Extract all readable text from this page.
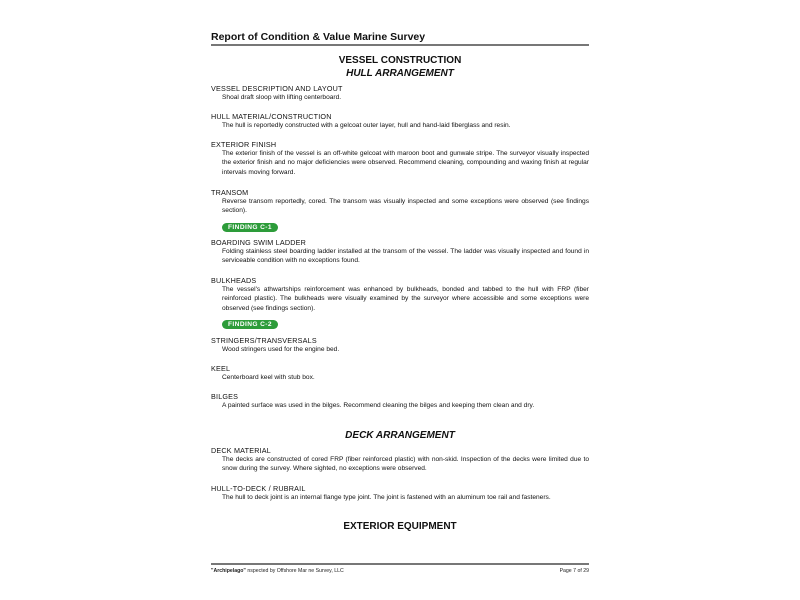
Report of Condition & Value Marine Survey
VESSEL CONSTRUCTION
HULL ARRANGEMENT
VESSEL DESCRIPTION AND LAYOUT
Shoal draft sloop with lifting centerboard.
HULL MATERIAL/CONSTRUCTION
The hull is reportedly constructed with a gelcoat outer layer, hull and hand-laid fiberglass and resin.
EXTERIOR FINISH
The exterior finish of the vessel is an off-white gelcoat with maroon boot and gunwale stripe. The surveyor visually inspected the exterior finish and no major deficiencies were observed. Recommend cleaning, compounding and waxing finish at regular intervals moving forward.
TRANSOM
Reverse transom reportedly, cored. The transom was visually inspected and some exceptions were observed (see findings section).
FINDING C-1
BOARDING SWIM LADDER
Folding stainless steel boarding ladder installed at the transom of the vessel. The ladder was visually inspected and found in serviceable condition with no exceptions found.
BULKHEADS
The vessel's athwartships reinforcement was enhanced by bulkheads, bonded and tabbed to the hull with FRP (fiber reinforced plastic). The bulkheads were visually examined by the surveyor where accessible and some exceptions were observed (see findings section).
FINDING C-2
STRINGERS/TRANSVERSALS
Wood stringers used for the engine bed.
KEEL
Centerboard keel with stub box.
BILGES
A painted surface was used in the bilges. Recommend cleaning the bilges and keeping them clean and dry.
DECK ARRANGEMENT
DECK MATERIAL
The decks are constructed of cored FRP (fiber reinforced plastic) with non-skid. Inspection of the decks were limited due to snow during the survey. Where sighted, no exceptions were observed.
HULL-TO-DECK / RUBRAIL
The hull to deck joint is an internal flange type joint. The joint is fastened with an aluminum toe rail and fasteners.
EXTERIOR EQUIPMENT
"Archipelago" nspected by Offshore Mar ne Survey, LLC	Page 7 of 29
